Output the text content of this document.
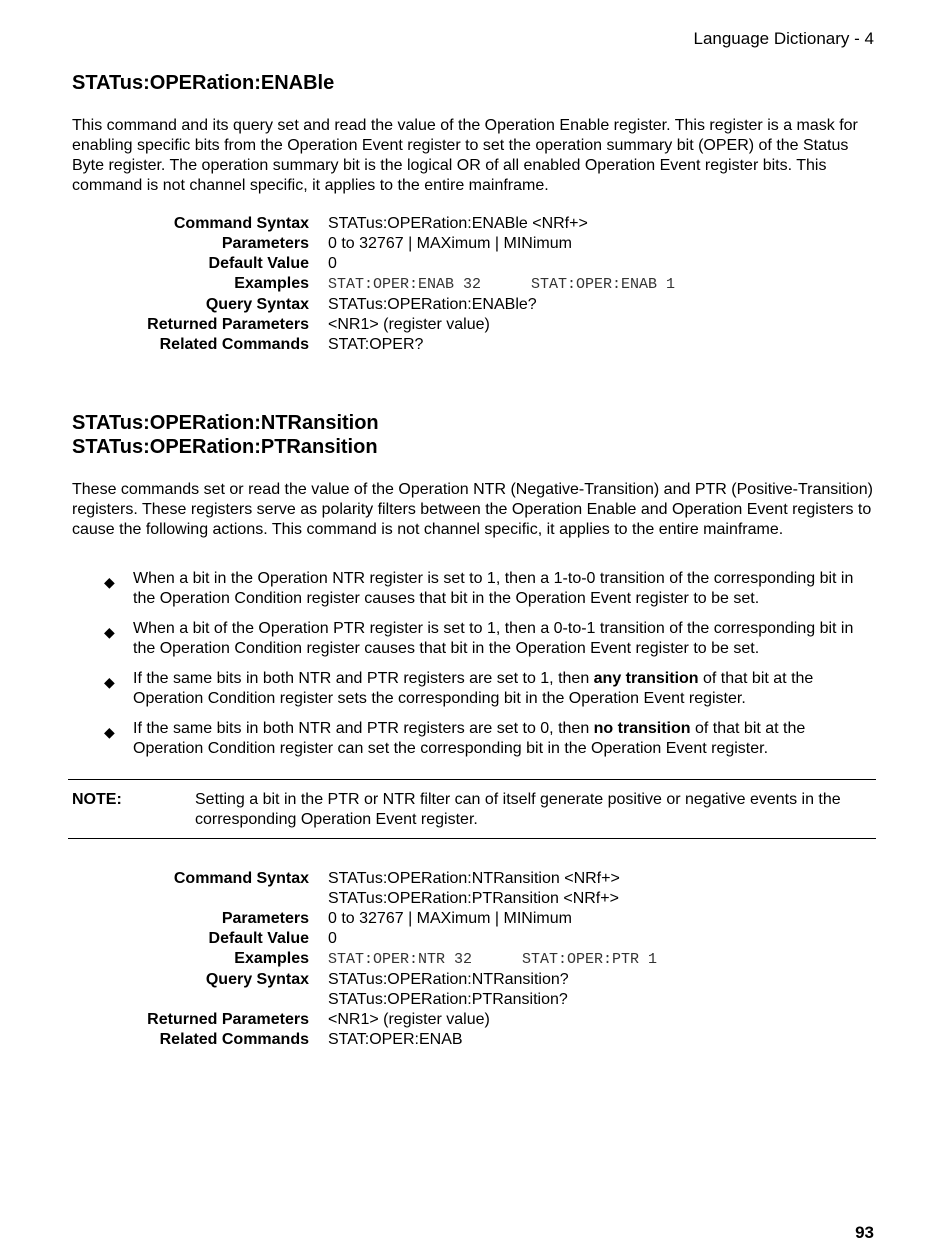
Language Dictionary - 4
STATus:OPERation:ENABle

This command and its query set and read the value of the Operation Enable register. This register is a mask for enabling specific bits from the Operation Event register to set the operation summary bit (OPER) of the Status Byte register. The operation summary bit is the logical OR of all enabled Operation Event register bits. This command is not channel specific, it applies to the entire mainframe.

Command Syntax	STATus:OPERation:ENABle <NRf+>
Parameters	0 to 32767 | MAXimum | MINimum
Default Value	0
Examples	STAT:OPER:ENAB 32	STAT:OPER:ENAB 1
Query Syntax	STATus:OPERation:ENABle?
Returned Parameters	<NR1> (register value)
Related Commands	STAT:OPER?
STATus:OPERation:NTRansition
STATus:OPERation:PTRansition

These commands set or read the value of the Operation NTR (Negative-Transition) and PTR (Positive-Transition) registers. These registers serve as polarity filters between the Operation Enable and Operation Event registers to cause the following actions. This command is not channel specific, it applies to the entire mainframe.

◆ When a bit in the Operation NTR register is set to 1, then a 1-to-0 transition of the corresponding bit in the Operation Condition register causes that bit in the Operation Event register to be set.
◆ When a bit of the Operation PTR register is set to 1, then a 0-to-1 transition of the corresponding bit in the Operation Condition register causes that bit in the Operation Event register to be set.
◆ If the same bits in both NTR and PTR registers are set to 1, then any transition of that bit at the Operation Condition register sets the corresponding bit in the Operation Event register.
◆ If the same bits in both NTR and PTR registers are set to 0, then no transition of that bit at the Operation Condition register can set the corresponding bit in the Operation Event register.
NOTE:	Setting a bit in the PTR or NTR filter can of itself generate positive or negative events in the corresponding Operation Event register.
Command Syntax	STATus:OPERation:NTRansition <NRf+>
STATus:OPERation:PTRansition <NRf+>
Parameters	0 to 32767 | MAXimum | MINimum
Default Value	0
Examples	STAT:OPER:NTR 32	STAT:OPER:PTR 1
Query Syntax	STATus:OPERation:NTRansition?
STATus:OPERation:PTRansition?
Returned Parameters	<NR1> (register value)
Related Commands	STAT:OPER:ENAB
93
